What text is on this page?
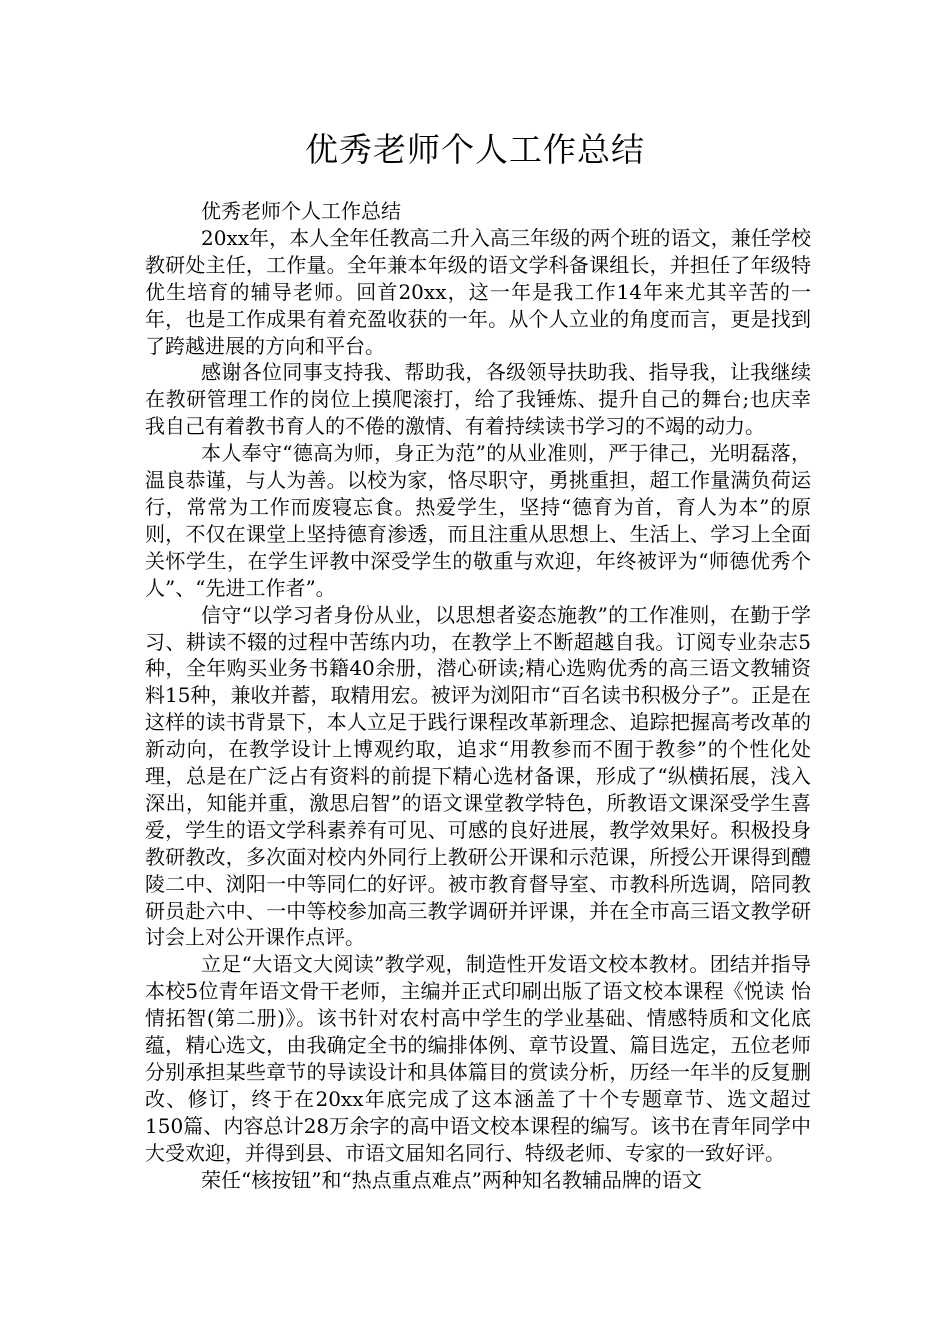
优秀老师个人工作总结

优秀老师个人工作总结

20xx年，本人全年任教高二升入高三年级的两个班的语文，兼任学校教研处主任，工作量。全年兼本年级的语文学科备课组长，并担任了年级特优生培育的辅导老师。回首20xx，这一年是我工作14年来尤其辛苦的一年，也是工作成果有着充盈收获的一年。从个人立业的角度而言，更是找到了跨越进展的方向和平台。

感谢各位同事支持我、帮助我，各级领导扶助我、指导我，让我继续在教研管理工作的岗位上摸爬滚打，给了我锤炼、提升自己的舞台;也庆幸我自己有着教书育人的不倦的激情、有着持续读书学习的不竭的动力。

本人奉守“德高为师，身正为范”的从业准则，严于律己，光明磊落，温良恭谨，与人为善。以校为家，恪尽职守，勇挑重担，超工作量满负荷运行，常常为工作而废寝忘食。热爱学生，坚持“德育为首，育人为本”的原则，不仅在课堂上坚持德育渗透，而且注重从思想上、生活上、学习上全面关怀学生，在学生评教中深受学生的敬重与欢迎，年终被评为“师德优秀个人”、“先进工作者”。

信守“以学习者身份从业，以思想者姿态施教”的工作准则，在勤于学习、耕读不辍的过程中苦练内功，在教学上不断超越自我。订阅专业杂志5种，全年购买业务书籍40余册，潜心研读;精心选购优秀的高三语文教辅资料15种，兼收并蓄，取精用宏。被评为浏阳市“百名读书积极分子”。正是在这样的读书背景下，本人立足于践行课程改革新理念、追踪把握高考改革的新动向，在教学设计上博观约取，追求“用教参而不囿于教参”的个性化处理，总是在广泛占有资料的前提下精心选材备课，形成了“纵横拓展，浅入深出，知能并重，激思启智”的语文课堂教学特色，所教语文课深受学生喜爱，学生的语文学科素养有可见、可感的良好进展，教学效果好。积极投身教研教改，多次面对校内外同行上教研公开课和示范课，所授公开课得到醴陵二中、浏阳一中等同仁的好评。被市教育督导室、市教科所选调，陪同教研员赴六中、一中等校参加高三教学调研并评课，并在全市高三语文教学研讨会上对公开课作点评。

立足“大语文大阅读”教学观，制造性开发语文校本教材。团结并指导本校5位青年语文骨干老师，主编并正式印刷出版了语文校本课程《悦读 怡情拓智(第二册)》。该书针对农村高中学生的学业基础、情感特质和文化底蕴，精心选文，由我确定全书的编排体例、章节设置、篇目选定，五位老师分别承担某些章节的导读设计和具体篇目的赏读分析，历经一年半的反复删改、修订，终于在20xx年底完成了这本涵盖了十个专题章节、选文超过150篇、内容总计28万余字的高中语文校本课程的编写。该书在青年同学中大受欢迎，并得到县、市语文届知名同行、特级老师、专家的一致好评。

荣任“核按钮”和“热点重点难点”两种知名教辅品牌的语文
